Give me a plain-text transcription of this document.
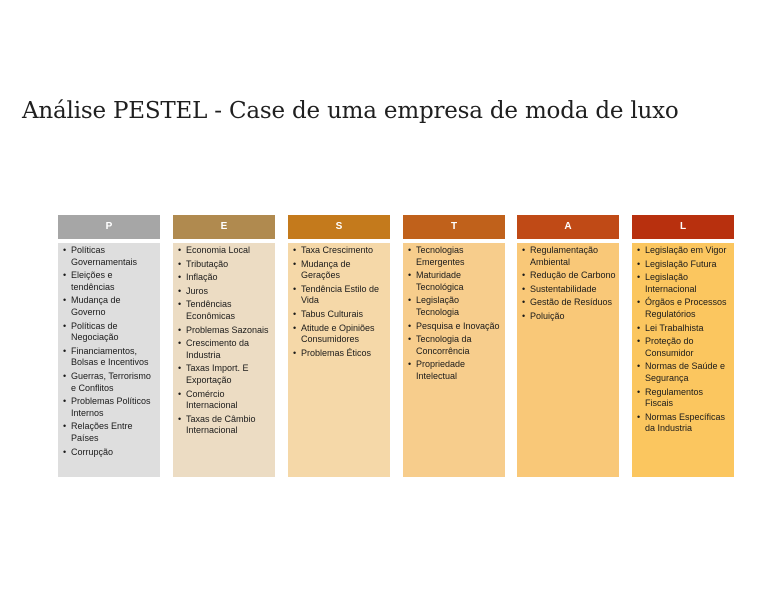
Análise PESTEL - Case de uma empresa de moda de luxo
P
• Políticas Governamentais
• Eleições e tendências
• Mudança de Governo
• Políticas de Negociação
• Financiamentos, Bolsas e Incentivos
• Guerras, Terrorismo e Conflitos
• Problemas Políticos Internos
• Relações Entre Países
• Corrupção
E
• Economia Local
• Tributação
• Inflação
• Juros
• Tendências Econômicas
• Problemas Sazonais
• Crescimento da Industria
• Taxas Import. E Exportação
• Comércio Internacional
• Taxas de Câmbio Internacional
S
• Taxa Crescimento
• Mudança de Gerações
• Tendência Estilo de Vida
• Tabus Culturais
• Atitude e Opiniões Consumidores
• Problemas Éticos
T
• Tecnologias Emergentes
• Maturidade Tecnológica
• Legislação Tecnologia
• Pesquisa e Inovação
• Tecnologia da Concorrência
• Propriedade Intelectual
A
• Regulamentação Ambiental
• Redução de Carbono
• Sustentabilidade
• Gestão de Resíduos
• Poluição
L
• Legislação em Vigor
• Legislação Futura
• Legislação Internacional
• Órgãos e Processos Regulatórios
• Lei Trabalhista
• Proteção do Consumidor
• Normas de Saúde e Segurança
• Regulamentos Fiscais
• Normas Específicas da Industria
